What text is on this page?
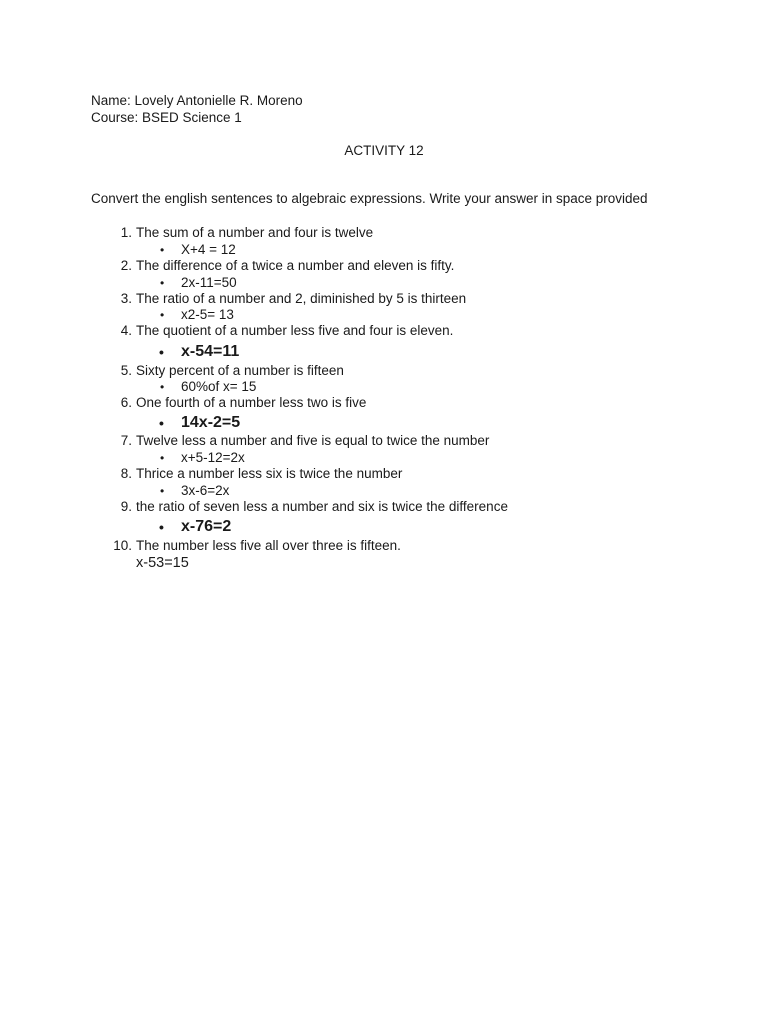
Name: Lovely Antonielle R. Moreno
Course: BSED Science 1
ACTIVITY 12
Convert the english sentences to algebraic expressions. Write your answer in space provided
1. The sum of a number and four is twelve
• X+4 = 12
2. The difference of a twice a number and eleven is fifty.
• 2x-11=50
3. The ratio of a number and 2, diminished by 5 is thirteen
• x2-5= 13
4. The quotient of a number less five and four is eleven.
• x-54=11
5. Sixty percent of a number is fifteen
• 60%of x= 15
6. One fourth of a number less two is five
• 14x-2=5
7. Twelve less a number and five is equal to twice the number
• x+5-12=2x
8. Thrice a number less six is twice the number
• 3x-6=2x
9. the ratio of seven less a number and six is twice the difference
• x-76=2
10. The number less five all over three is fifteen.
x-53=15
